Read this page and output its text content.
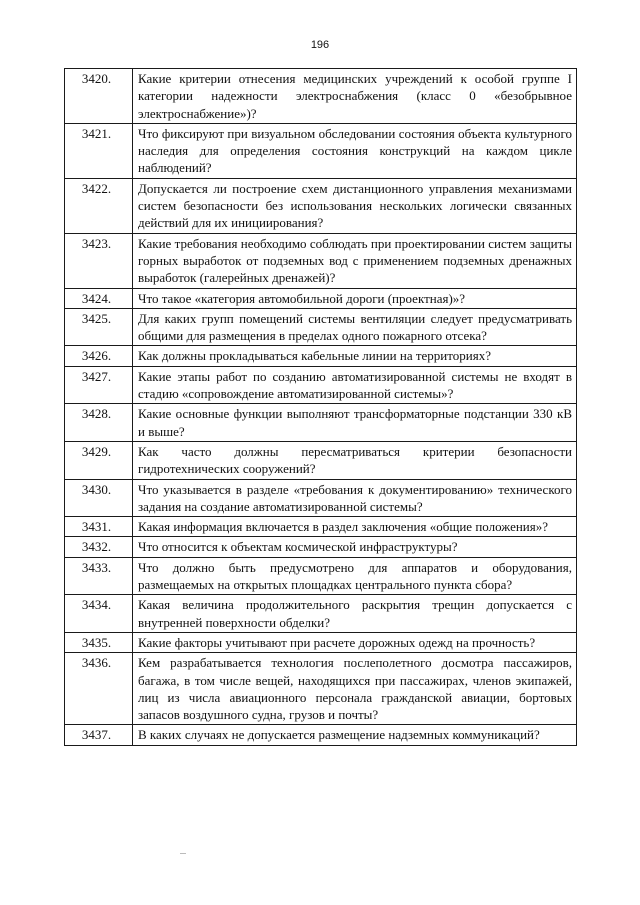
196
3420.	Какие критерии отнесения медицинских учреждений к особой группе I категории надежности электроснабжения (класс 0 «безобрывное электроснабжение»)?
3421.	Что фиксируют при визуальном обследовании состояния объекта культурного наследия для определения состояния конструкций на каждом цикле наблюдений?
3422.	Допускается ли построение схем дистанционного управления механизмами систем безопасности без использования нескольких логически связанных действий для их инициирования?
3423.	Какие требования необходимо соблюдать при проектировании систем защиты горных выработок от подземных вод с применением подземных дренажных выработок (галерейных дренажей)?
3424.	Что такое «категория автомобильной дороги (проектная)»?
3425.	Для каких групп помещений системы вентиляции следует предусматривать общими для размещения в пределах одного пожарного отсека?
3426.	Как должны прокладываться кабельные линии на территориях?
3427.	Какие этапы работ по созданию автоматизированной системы не входят в стадию «сопровождение автоматизированной системы»?
3428.	Какие основные функции выполняют трансформаторные подстанции 330 кВ и выше?
3429.	Как часто должны пересматриваться критерии безопасности гидротехнических сооружений?
3430.	Что указывается в разделе «требования к документированию» технического задания на создание автоматизированной системы?
3431.	Какая информация включается в раздел заключения «общие положения»?
3432.	Что относится к объектам космической инфраструктуры?
3433.	Что должно быть предусмотрено для аппаратов и оборудования, размещаемых на открытых площадках центрального пункта сбора?
3434.	Какая величина продолжительного раскрытия трещин допускается с внутренней поверхности обделки?
3435.	Какие факторы учитывают при расчете дорожных одежд на прочность?
3436.	Кем разрабатывается технология послеполетного досмотра пассажиров, багажа, в том числе вещей, находящихся при пассажирах, членов экипажей, лиц из числа авиационного персонала гражданской авиации, бортовых запасов воздушного судна, грузов и почты?
3437.	В каких случаях не допускается размещение надземных коммуникаций?
